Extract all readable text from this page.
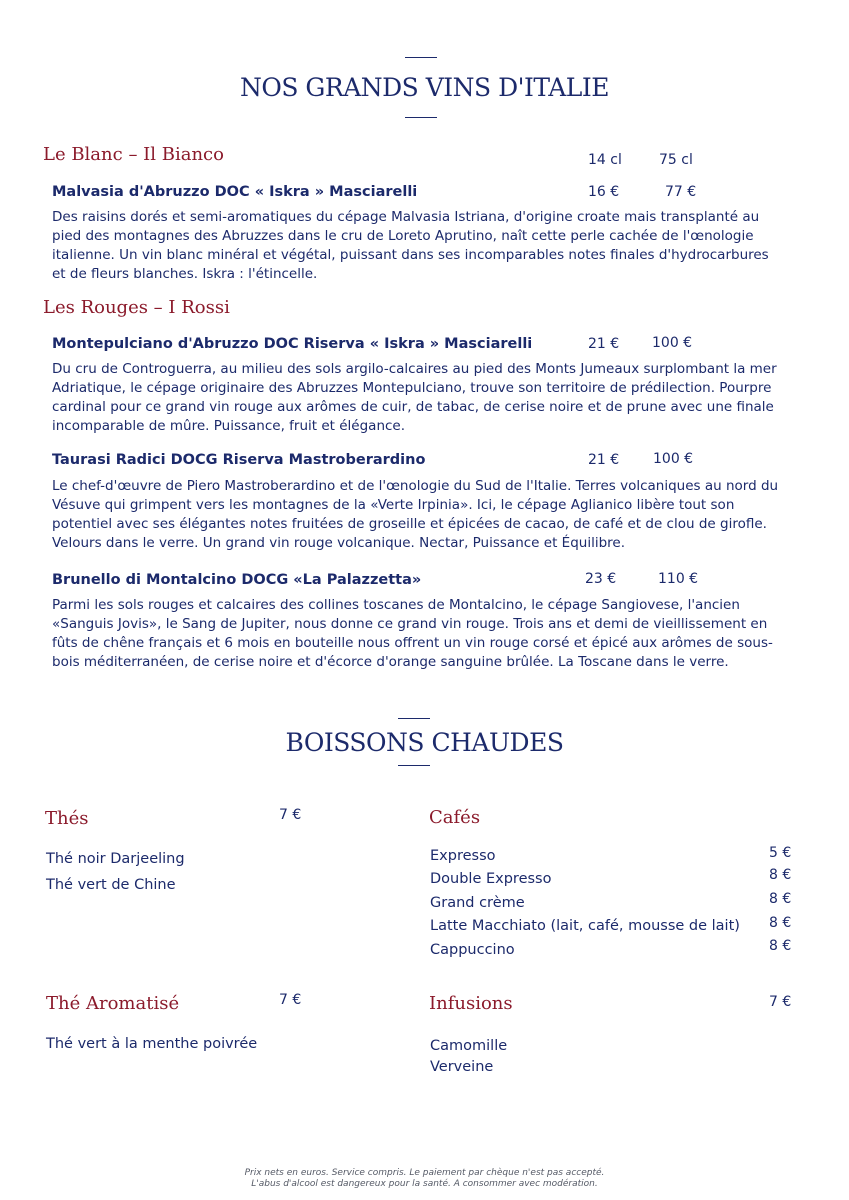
NOS GRANDS VINS D'ITALIE
Le Blanc – Il Bianco	14 cl	75 cl
Malvasia d'Abruzzo DOC « Iskra » Masciarelli	16 €	77 €

Des raisins dorés et semi-aromatiques du cépage Malvasia Istriana, d'origine croate mais transplanté au pied des montagnes des Abruzzes dans le cru de Loreto Aprutino, naît cette perle cachée de l'œnologie italienne. Un vin blanc minéral et végétal, puissant dans ses incomparables notes finales d'hydrocarbures et de fleurs blanches. Iskra : l'étincelle.

Les Rouges – I Rossi
Montepulciano d'Abruzzo DOC Riserva « Iskra » Masciarelli	21 € 100 €

Du cru de Controguerra, au milieu des sols argilo-calcaires au pied des Monts Jumeaux surplombant la mer Adriatique, le cépage originaire des Abruzzes Montepulciano, trouve son territoire de prédilection. Pourpre cardinal pour ce grand vin rouge aux arômes de cuir, de tabac, de cerise noire et de prune avec une finale incomparable de mûre. Puissance, fruit et élégance.

Taurasi Radici DOCG Riserva Mastroberardino	21 € 100 €

Le chef-d'œuvre de Piero Mastroberardino et de l'œnologie du Sud de l'Italie. Terres volcaniques au nord du Vésuve qui grimpent vers les montagnes de la «Verte Irpinia». Ici, le cépage Aglianico libère tout son potentiel avec ses élégantes notes fruitées de groseille et épicées de cacao, de café et de clou de girofle. Velours dans le verre. Un grand vin rouge volcanique. Nectar, Puissance et Équilibre.

Brunello di Montalcino DOCG «La Palazzetta»	23 €	110 €

Parmi les sols rouges et calcaires des collines toscanes de Montalcino, le cépage Sangiovese, l'ancien «Sanguis Jovis», le Sang de Jupiter, nous donne ce grand vin rouge. Trois ans et demi de vieillissement en fûts de chêne français et 6 mois en bouteille nous offrent un vin rouge corsé et épicé aux arômes de sous-bois méditerranéen, de cerise noire et d'écorce d'orange sanguine brûlée. La Toscane dans le verre.

BOISSONS CHAUDES
Thés	7 €
Thé noir Darjeeling
Thé vert de Chine
Cafés
Expresso	5 €
Double Expresso	8 €
Grand crème	8 €
Latte Macchiato (lait, café, mousse de lait) 8 €
Cappuccino	8 €
Thé Aromatisé	7 €
Thé vert à la menthe poivrée
Infusions	7 €
Camomille
Verveine
Prix nets en euros. Service compris. Le paiement par chèque n'est pas accepté.
L'abus d'alcool est dangereux pour la santé. A consommer avec modération.
